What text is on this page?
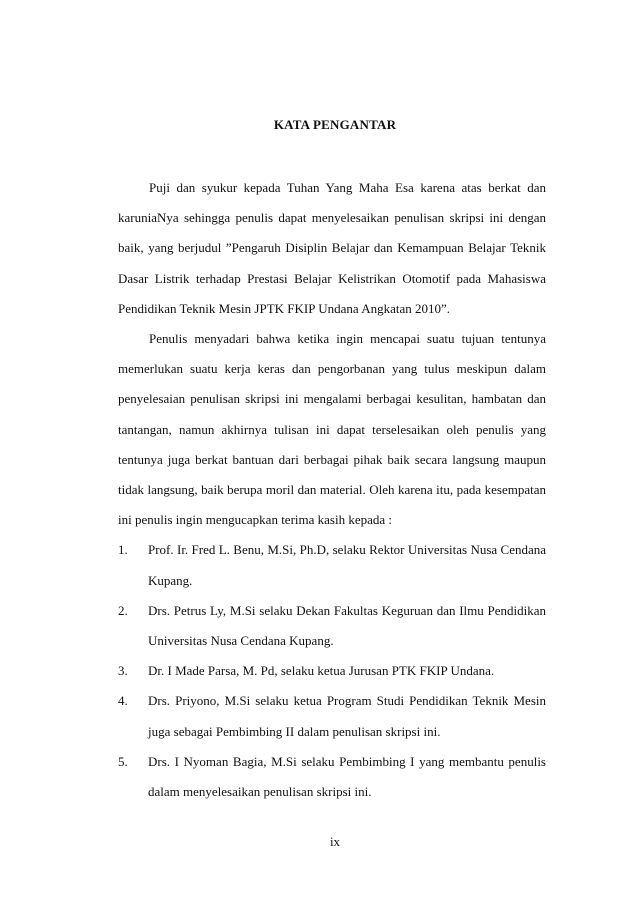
KATA PENGANTAR

Puji dan syukur kepada Tuhan Yang Maha Esa karena atas berkat dan karuniaNya sehingga penulis dapat menyelesaikan penulisan skripsi ini dengan baik, yang berjudul ”Pengaruh Disiplin Belajar dan Kemampuan Belajar Teknik Dasar Listrik terhadap Prestasi Belajar Kelistrikan Otomotif pada Mahasiswa Pendidikan Teknik Mesin JPTK FKIP Undana Angkatan 2010”.

Penulis menyadari bahwa ketika ingin mencapai suatu tujuan tentunya memerlukan suatu kerja keras dan pengorbanan yang tulus meskipun dalam penyelesaian penulisan skripsi ini mengalami berbagai kesulitan, hambatan dan tantangan, namun akhirnya tulisan ini dapat terselesaikan oleh penulis yang tentunya juga berkat bantuan dari berbagai pihak baik secara langsung maupun tidak langsung, baik berupa moril dan material. Oleh karena itu, pada kesempatan ini penulis ingin mengucapkan terima kasih kepada :

1. Prof. Ir. Fred L. Benu, M.Si, Ph.D, selaku Rektor Universitas Nusa Cendana Kupang.
2. Drs. Petrus Ly, M.Si selaku Dekan Fakultas Keguruan dan Ilmu Pendidikan Universitas Nusa Cendana Kupang.
3. Dr. I Made Parsa, M. Pd, selaku ketua Jurusan PTK FKIP Undana.
4. Drs. Priyono, M.Si selaku ketua Program Studi Pendidikan Teknik Mesin juga sebagai Pembimbing II dalam penulisan skripsi ini.
5. Drs. I Nyoman Bagia, M.Si selaku Pembimbing I yang membantu penulis dalam menyelesaikan penulisan skripsi ini.
ix
